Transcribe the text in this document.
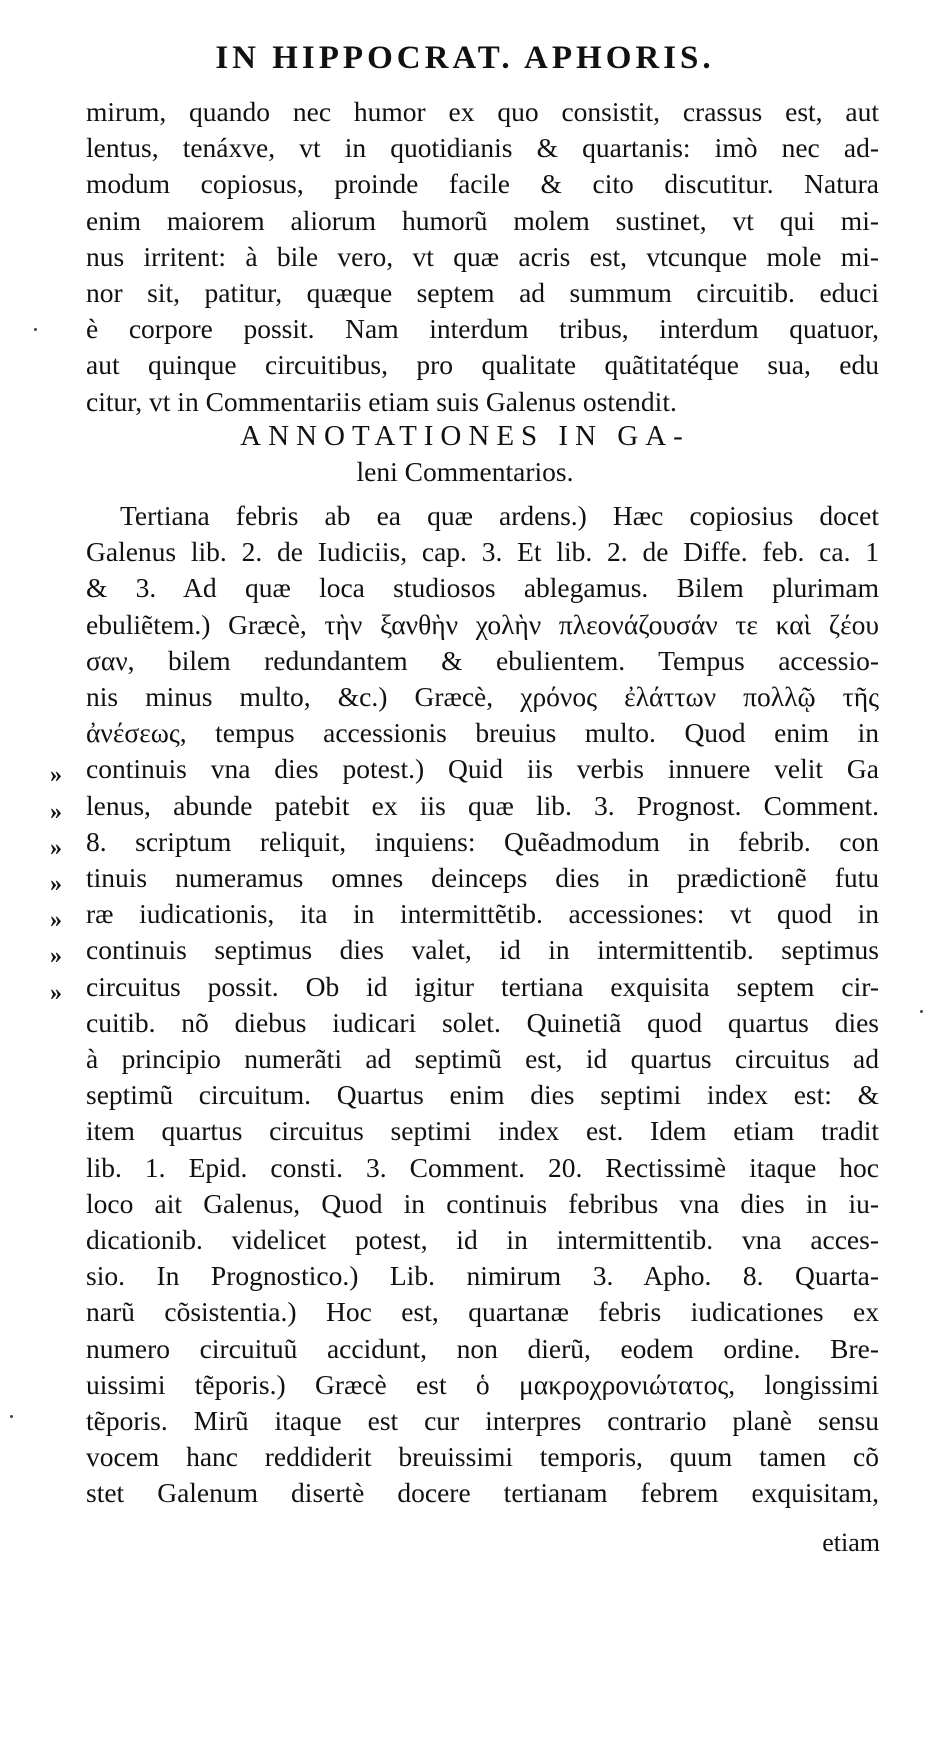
IN HIPPOCRAT. APHORIS.
mirum, quando nec humor ex quo consistit, crassus est, aut
lentus, tenáxve, vt in quotidianis & quartanis: imò nec ad-
modum copiosus, proinde facile & cito discutitur. Natura
enim maiorem aliorum humorũ molem sustinet, vt qui mi-
nus irritent: à bile vero, vt quæ acris est, vtcunque mole mi-
nor sit, patitur, quæque septem ad summum circuitib. educi
è corpore possit. Nam interdum tribus, interdum quatuor,
aut quinque circuitibus, pro qualitate quãtitatéque sua, edu
citur, vt in Commentariis etiam suis Galenus ostendit.
ANNOTATIONES IN GA-
leni Commentarios.
Tertiana febris ab ea quæ ardens.) Hæc copiosius docet
Galenus lib. 2. de Iudiciis, cap. 3. Et lib. 2. de Diffe. feb. ca. 1
& 3. Ad quæ loca studiosos ablegamus. Bilem plurimam
ebuliẽtem.) Græcè, τὴν ξανθὴν χολὴν πλεονάζουσάν τε καὶ ζέου
σαν, bilem redundantem & ebulientem. Tempus accessio-
nis minus multo, &c.) Græcè, χρόνος ἐλάττων πολλῷ τῆς
ἀνέσεως, tempus accessionis breuius multo. Quod enim in
continuis vna dies potest.) Quid iis verbis innuere velit Ga
lenus, abunde patebit ex iis quæ lib. 3. Prognost. Comment.
8. scriptum reliquit, inquiens: Quẽadmodum in febrib. con
tinuis numeramus omnes deinceps dies in prædictionẽ futu
ræ iudicationis, ita in intermittẽtib. accessiones: vt quod in
continuis septimus dies valet, id in intermittentib. septimus
circuitus possit. Ob id igitur tertiana exquisita septem cir-
cuitib. nõ diebus iudicari solet. Quinetiã quod quartus dies
à principio numerãti ad septimũ est, id quartus circuitus ad
septimũ circuitum. Quartus enim dies septimi index est: &
item quartus circuitus septimi index est. Idem etiam tradit
lib. 1. Epid. consti. 3. Comment. 20. Rectissimè itaque hoc
loco ait Galenus, Quod in continuis febribus vna dies in iu-
dicationib. videlicet potest, id in intermittentib. vna acces-
sio. In Prognostico.) Lib. nimirum 3. Apho. 8. Quarta-
narũ cõsistentia.) Hoc est, quartanæ febris iudicationes ex
numero circuituũ accidunt, non dierũ, eodem ordine. Bre-
uissimi tẽporis.) Græcè est ὁ μακροχρονιώτατος, longissimi
tẽporis. Mirũ itaque est cur interpres contrario planè sensu
vocem hanc reddiderit breuissimi temporis, quum tamen cõ
stet Galenum disertè docere tertianam febrem exquisitam,
»
»
»
»
»
»
»
etiam
